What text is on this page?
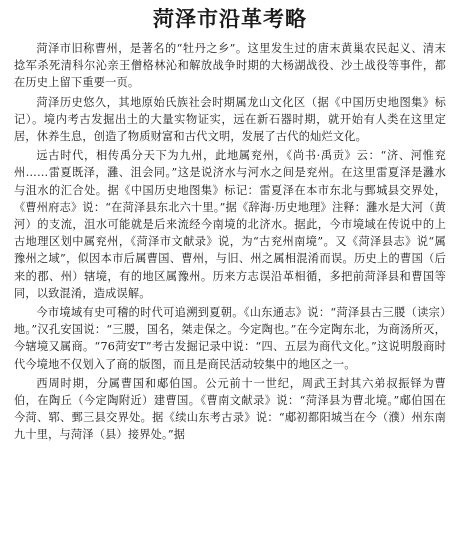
菏泽市沿革考略

菏泽市旧称曹州，是著名的“牡丹之乡”。这里发生过的唐末黄巢农民起义、清末捻军杀死清科尔沁亲王僧格林沁和解放战争时期的大杨湖战役、沙土战役等事件，都在历史上留下重要一页。

菏泽历史悠久，其地原始氏族社会时期属龙山文化区（据《中国历史地图集》标记）。境内考古发掘出土的大量实物证实，远在新石器时期，就开始有人类在这里定居，休养生息，创造了物质财富和古代文明，发展了古代的灿烂文化。

远古时代，相传禹分天下为九州，此地属兖州，《尚书·禹贡》云：“济、河惟兖州……雷夏既泽，灉、沮会同。”这是说济水与河水之间是兖州。在这里雷夏泽是灉水与沮水的汇合处。据《中国历史地图集》标记：雷夏泽在本市东北与鄄城县交界处，《曹州府志》说：“在菏泽县东北六十里。”据《辞海·历史地理》注释：灉水是大河（黄河）的支流，沮水可能就是后来流经今南境的北济水。据此，今市境域在传说中的上古地理区划中属兖州，《菏泽市文献录》说，为“古兖州南境”。又《菏泽县志》说“属豫州之域”，似因本市后属曹国、曹州，与旧、州之属相混淆而误。历史上的曹国（后来的郡、州）辖境，有的地区属豫州。历来方志误沿革相循，多把前菏泽县和曹国等同，以致混淆，造成误解。

今市境域有史可稽的时代可追溯到夏朝。《山东通志》说：“菏泽县古三朡（读宗）地。”汉孔安国说：“三朡，国名，桀走保之。今定陶也。”在今定陶东北，为商汤所灭，今辖境又属商。“76菏安T”考古发掘记录中说：“四、五层为商代文化。”这说明殷商时代今境地不仅划入了商的版图，而且是商民活动较集中的地区之一。

西周时期，分属曹国和郕伯国。公元前十一世纪，周武王封其六弟叔振铎为曹伯，在陶丘（今定陶附近）建曹国。《曹南文献录》说：“菏泽县为曹北境。”郕伯国在今菏、郓、鄄三县交界处。据《续山东考古录》说：“郕初都阳城当在今（濮）州东南九十里，与菏泽（县）接界处。”据
